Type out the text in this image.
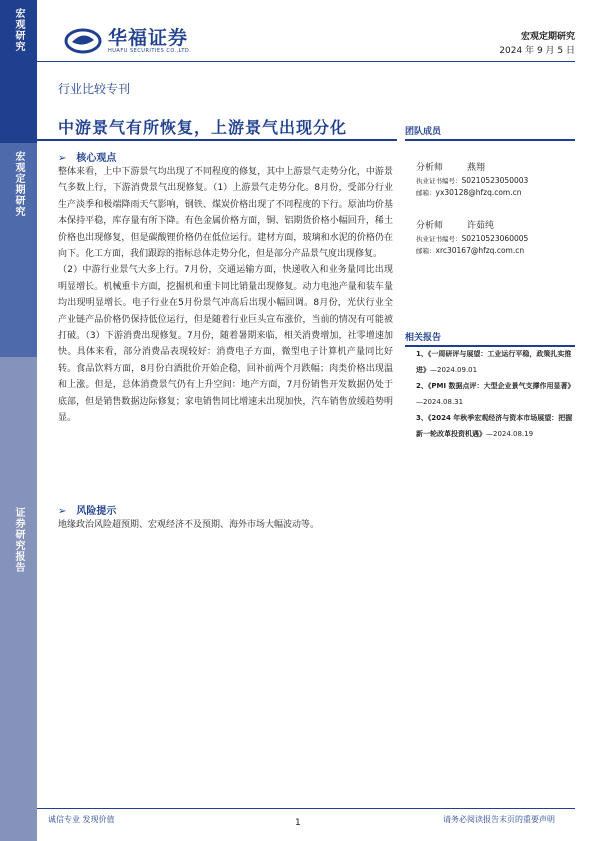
宏观研究
宏观定期研究
证券研究报告
华福证券
HUAFU SECURITIES CO.,LTD.
宏观定期研究
2024 年 9 月 5 日
行业比较专刊
中游景气有所恢复，上游景气出现分化
➢ 核心观点

整体来看，上中下游景气均出现了不同程度的修复，其中上游景气走势分化，中游景气多数上行，下游消费景气出现修复。（1）上游景气走势分化。8月份，受部分行业生产淡季和极端降雨天气影响，钢铁、煤炭价格出现了不同程度的下行。原油均价基本保持平稳，库存量有所下降。有色金属价格方面，铜、铝期货价格小幅回升，稀土价格也出现修复，但是碳酸锂价格仍在低位运行。建材方面，玻璃和水泥的价格仍在向下。化工方面，我们跟踪的指标总体走势分化，但是部分产品景气度出现修复。

（2）中游行业景气大多上行。7月份，交通运输方面，快递收入和业务量同比出现明显增长。机械重卡方面，挖掘机和重卡同比销量出现修复。动力电池产量和装车量均出现明显增长。电子行业在5月份景气冲高后出现小幅回调。8月份，光伏行业全产业链产品价格仍保持低位运行，但是随着行业巨头宣布涨价，当前的情况有可能被打破。（3）下游消费出现修复。7月份，随着暑期来临，相关消费增加，社零增速加快。具体来看，部分消费品表现较好：消费电子方面，微型电子计算机产量同比好转。食品饮料方面，8月份白酒批价开始企稳，回补前两个月跌幅；肉类价格出现温和上涨。但是，总体消费景气仍有上升空间：地产方面，7月份销售开发数据仍处于底部，但是销售数据边际修复；家电销售同比增速未出现加快，汽车销售放缓趋势明显。

➢ 风险提示

地缘政治风险超预期、宏观经济不及预期、海外市场大幅波动等。

团队成员
分析师	燕翔
执业证书编号：S0210523050003
邮箱：yx30128@hfzq.com.cn
分析师	许茹纯
执业证书编号：S0210523060005
邮箱：xrc30167@hfzq.com.cn
相关报告
1、《一周研评与展望：工业运行平稳，政策扎实推进》—2024.09.01
2、《PMI 数据点评：大型企业景气支撑作用显著》
—2024.08.31
3、《2024 年秋季宏观经济与资本市场展望：把握新一轮改革投资机遇》—2024.08.19
诚信专业 发现价值	1	请务必阅读报告末页的重要声明
